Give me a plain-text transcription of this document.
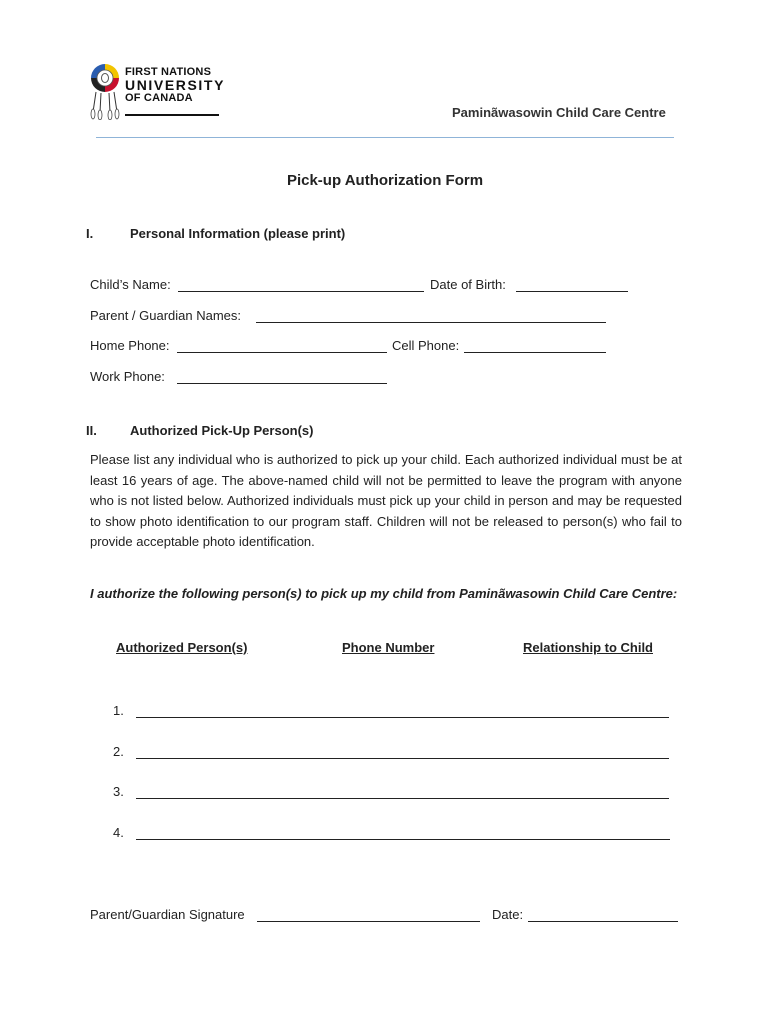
FIRST NATIONS
UNIVERSITY
OF CANADA
Paminãwasowin Child Care Centre
Pick-up Authorization Form
I.	Personal Information (please print)
Child’s Name:	Date of Birth:
Parent / Guardian Names:
Home Phone:	Cell Phone:
Work Phone:
II.	Authorized Pick-Up Person(s)
Please list any individual who is authorized to pick up your child. Each authorized individual must be at least 16 years of age. The above-named child will not be permitted to leave the program with anyone who is not listed below. Authorized individuals must pick up your child in person and may be requested to show photo identification to our program staff. Children will not be released to person(s) who fail to provide acceptable photo identification.
I authorize the following person(s) to pick up my child from Paminãwasowin Child Care Centre:
Authorized Person(s)	Phone Number	Relationship to Child
1.
2.
3.
4.
Parent/Guardian Signature	Date:
